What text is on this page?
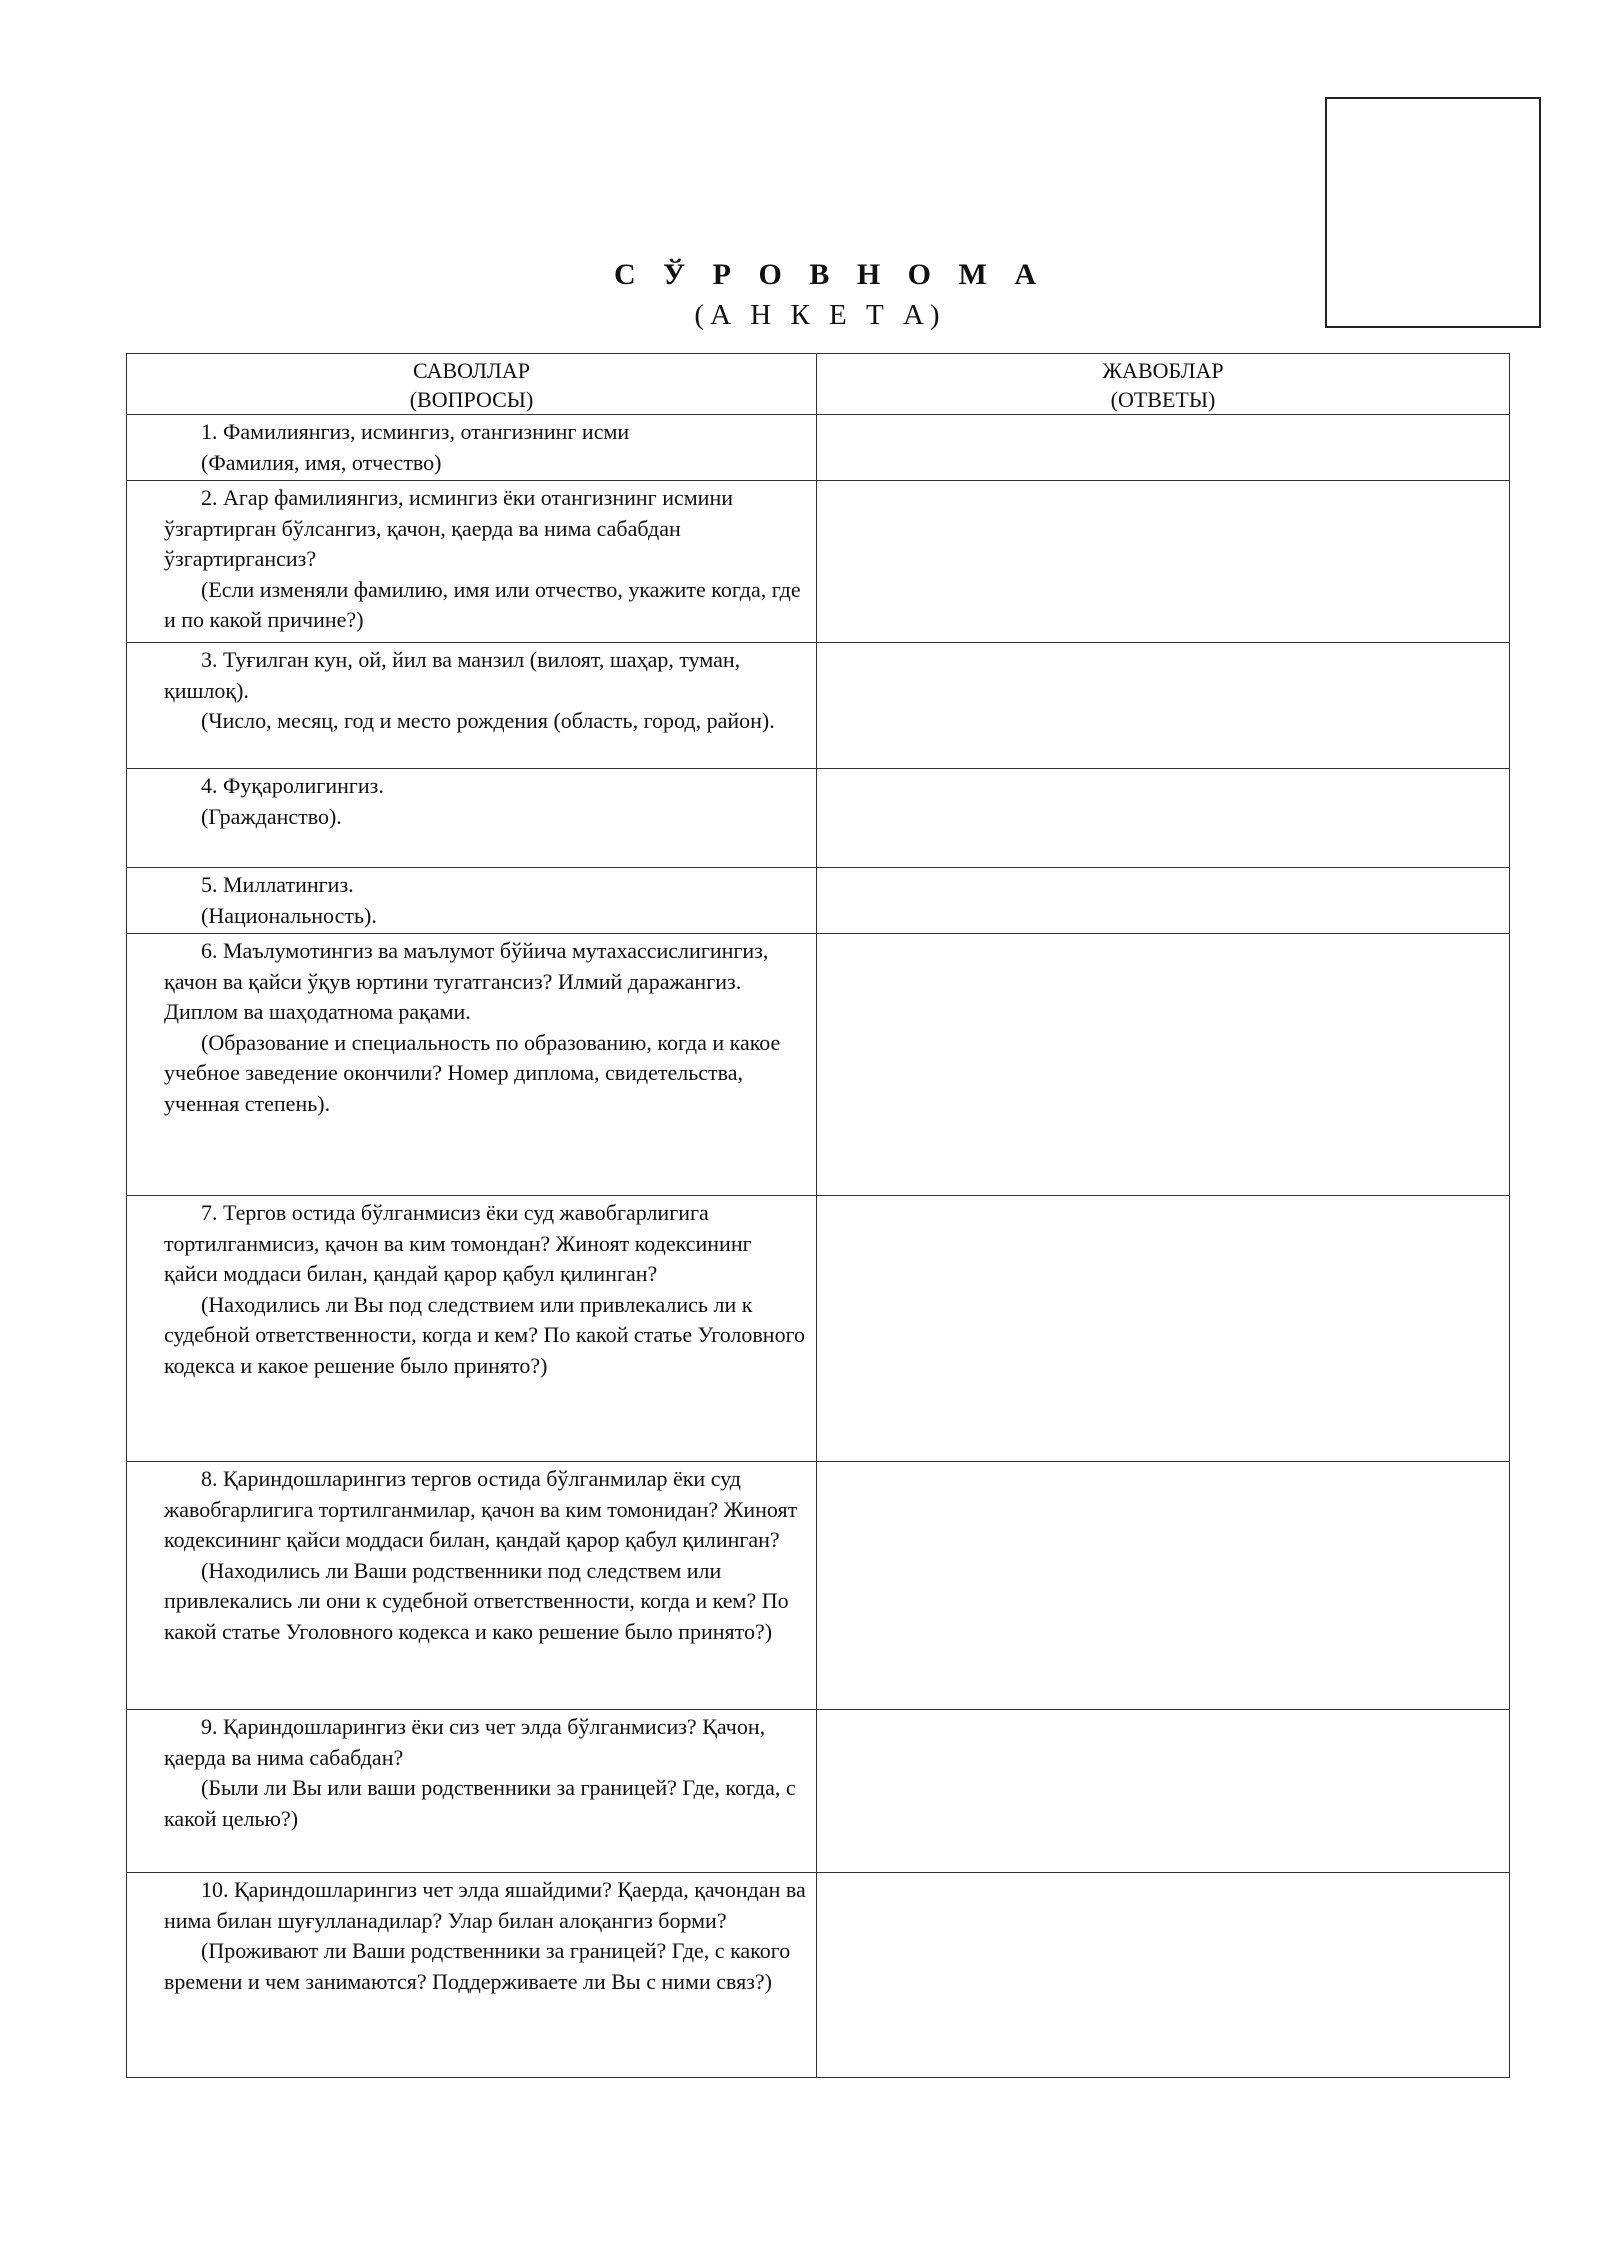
С Ў Р О В Н О М А
(А Н К Е Т А)
САВОЛЛАР
(ВОПРОСЫ)	ЖАВОБЛАР
(ОТВЕТЫ)

1. Фамилиянгиз, исмингиз, отангизнинг исми

(Фамилия, имя, отчество)	

2. Агар фамилиянгиз, исмингиз ёки отангизнинг исмини ўзгартирган бўлсангиз, қачон, қаерда ва нима сабабдан ўзгартиргансиз?

(Если изменяли фамилию, имя или отчество, укажите когда, где и по какой причине?)	

3. Туғилган кун, ой, йил ва манзил (вилоят, шаҳар, туман, қишлоқ).

(Число, месяц, год и место рождения (область, город, район).	

4. Фуқаролигингиз.

(Гражданство).	

5. Миллатингиз.

(Национальность).	

6. Маълумотингиз ва маълумот бўйича мутахассислигингиз, қачон ва қайси ўқув юртини тугатгансиз? Илмий даражангиз. Диплом ва шаҳодатнома рақами.

(Образование и специальность по образованию, когда и какое учебное заведение окончили? Номер диплома, свидетельства, ученная степень).	

7. Тергов остида бўлганмисиз ёки суд жавобгарлигига тортилганмисиз, қачон ва ким томондан? Жиноят кодексининг қайси моддаси билан, қандай қарор қабул қилинган?

(Находились ли Вы под следствием или привлекались ли к судебной ответственности, когда и кем? По какой статье Уголовного кодекса и какое решение было принято?)	

8. Қариндошларингиз тергов остида бўлганмилар ёки суд жавобгарлигига тортилганмилар, қачон ва ким томонидан? Жиноят кодексининг қайси моддаси билан, қандай қарор қабул қилинган?

(Находились ли Ваши родственники под следствем или привлекались ли они к судебной ответственности, когда и кем? По какой статье Уголовного кодекса и како решение было принято?)	

9. Қариндошларингиз ёки сиз чет элда бўлганмисиз? Қачон, қаерда ва нима сабабдан?

(Были ли Вы или ваши родственники за границей? Где, когда, с какой целью?)	

10. Қариндошларингиз чет элда яшайдими? Қаерда, қачондан ва нима билан шуғулланадилар? Улар билан алоқангиз борми?

(Проживают ли Ваши родственники за границей? Где, с какого времени и чем занимаются? Поддерживаете ли Вы с ними связ?)	
